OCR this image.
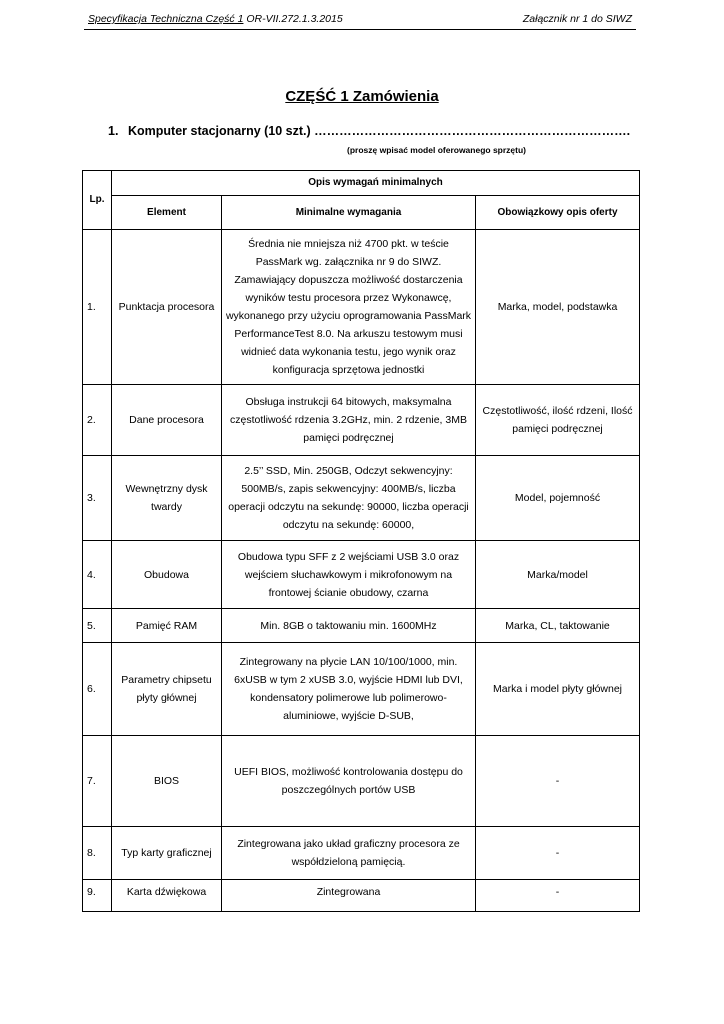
Specyfikacja Techniczna Część 1 OR-VII.272.1.3.2015	Załącznik nr 1 do SIWZ
CZĘŚĆ 1 Zamówienia
1. Komputer stacjonarny (10 szt.) ………………………………………………………………….
(proszę wpisać model oferowanego sprzętu)
Lp.	Opis wymagań minimalnych		
	Element	Minimalne wymagania	Obowiązkowy opis oferty
1.	Punktacja procesora	Średnia nie mniejsza niż 4700 pkt. w teście PassMark wg. załącznika nr 9 do SIWZ. Zamawiający dopuszcza możliwość dostarczenia wyników testu procesora przez Wykonawcę, wykonanego przy użyciu oprogramowania PassMark PerformanceTest 8.0. Na arkuszu testowym musi widnieć data wykonania testu, jego wynik oraz konfiguracja sprzętowa jednostki	Marka, model, podstawka
2.	Dane procesora	Obsługa instrukcji 64 bitowych, maksymalna częstotliwość rdzenia 3.2GHz, min. 2 rdzenie, 3MB pamięci podręcznej	Częstotliwość, ilość rdzeni, Ilość pamięci podręcznej
3.	Wewnętrzny dysk twardy	2.5’’ SSD, Min. 250GB, Odczyt sekwencyjny: 500MB/s, zapis sekwencyjny: 400MB/s, liczba operacji odczytu na sekundę: 90000, liczba operacji odczytu na sekundę: 60000,	Model, pojemność
4.	Obudowa	Obudowa typu SFF z 2 wejściami USB 3.0 oraz wejściem słuchawkowym i mikrofonowym na frontowej ścianie obudowy, czarna	Marka/model
5.	Pamięć RAM	Min. 8GB o taktowaniu min. 1600MHz	Marka, CL, taktowanie
6.	Parametry chipsetu płyty głównej	Zintegrowany na płycie LAN 10/100/1000, min. 6xUSB w tym 2 xUSB 3.0, wyjście HDMI lub DVI, kondensatory polimerowe lub polimerowo-aluminiowe, wyjście D-SUB,	Marka i model płyty głównej
7.	BIOS	UEFI BIOS, możliwość kontrolowania dostępu do poszczególnych portów USB	-
8.	Typ karty graficznej	Zintegrowana jako układ graficzny procesora ze współdzieloną pamięcią.	-
9.	Karta dźwiękowa	Zintegrowana	-
